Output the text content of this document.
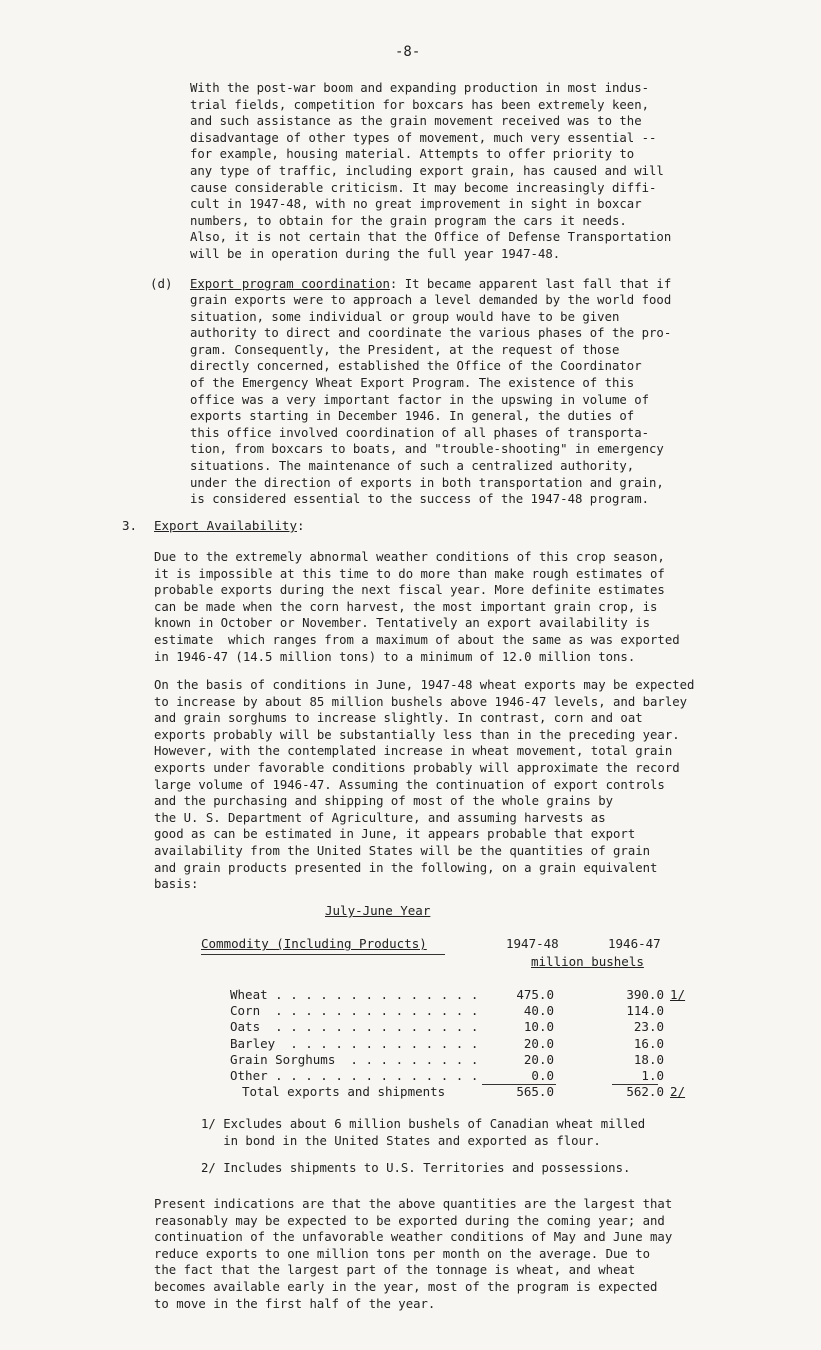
-8-
With the post-war boom and expanding production in most indus-
trial fields, competition for boxcars has been extremely keen,
and such assistance as the grain movement received was to the
disadvantage of other types of movement, much very essential --
for example, housing material. Attempts to offer priority to
any type of traffic, including export grain, has caused and will
cause considerable criticism. It may become increasingly diffi-
cult in 1947-48, with no great improvement in sight in boxcar
numbers, to obtain for the grain program the cars it needs.
Also, it is not certain that the Office of Defense Transportation
will be in operation during the full year 1947-48.
(d) Export program coordination: It became apparent last fall that if
grain exports were to approach a level demanded by the world food
situation, some individual or group would have to be given
authority to direct and coordinate the various phases of the pro-
gram. Consequently, the President, at the request of those
directly concerned, established the Office of the Coordinator
of the Emergency Wheat Export Program. The existence of this
office was a very important factor in the upswing in volume of
exports starting in December 1946. In general, the duties of
this office involved coordination of all phases of transporta-
tion, from boxcars to boats, and "trouble-shooting" in emergency
situations. The maintenance of such a centralized authority,
under the direction of exports in both transportation and grain,
is considered essential to the success of the 1947-48 program.
3. Export Availability:
Due to the extremely abnormal weather conditions of this crop season,
it is impossible at this time to do more than make rough estimates of
probable exports during the next fiscal year. More definite estimates
can be made when the corn harvest, the most important grain crop, is
known in October or November. Tentatively an export availability is
estimate  which ranges from a maximum of about the same as was exported
in 1946-47 (14.5 million tons) to a minimum of 12.0 million tons.
On the basis of conditions in June, 1947-48 wheat exports may be expected
to increase by about 85 million bushels above 1946-47 levels, and barley
and grain sorghums to increase slightly. In contrast, corn and oat
exports probably will be substantially less than in the preceding year.
However, with the contemplated increase in wheat movement, total grain
exports under favorable conditions probably will approximate the record
large volume of 1946-47. Assuming the continuation of export controls
and the purchasing and shipping of most of the whole grains by
the U. S. Department of Agriculture, and assuming harvests as
good as can be estimated in June, it appears probable that export
availability from the United States will be the quantities of grain
and grain products presented in the following, on a grain equivalent
basis:
July-June Year
Commodity (Including Products)	1947-48	1946-47
million bushels
Wheat . . . . . . . . . . . . . .	475.0	390.0 1/
Corn  . . . . . . . . . . . . . .	40.0	114.0
Oats  . . . . . . . . . . . . . .	10.0	23.0
Barley  . . . . . . . . . . . . .	20.0	16.0
Grain Sorghums  . . . . . . . . .	20.0	18.0
Other . . . . . . . . . . . . . .	0.0	1.0
Total exports and shipments	565.0	562.0 2/
1/ Excludes about 6 million bushels of Canadian wheat milled
in bond in the United States and exported as flour.
2/ Includes shipments to U.S. Territories and possessions.
Present indications are that the above quantities are the largest that
reasonably may be expected to be exported during the coming year; and
continuation of the unfavorable weather conditions of May and June may
reduce exports to one million tons per month on the average. Due to
the fact that the largest part of the tonnage is wheat, and wheat
becomes available early in the year, most of the program is expected
to move in the first half of the year.
